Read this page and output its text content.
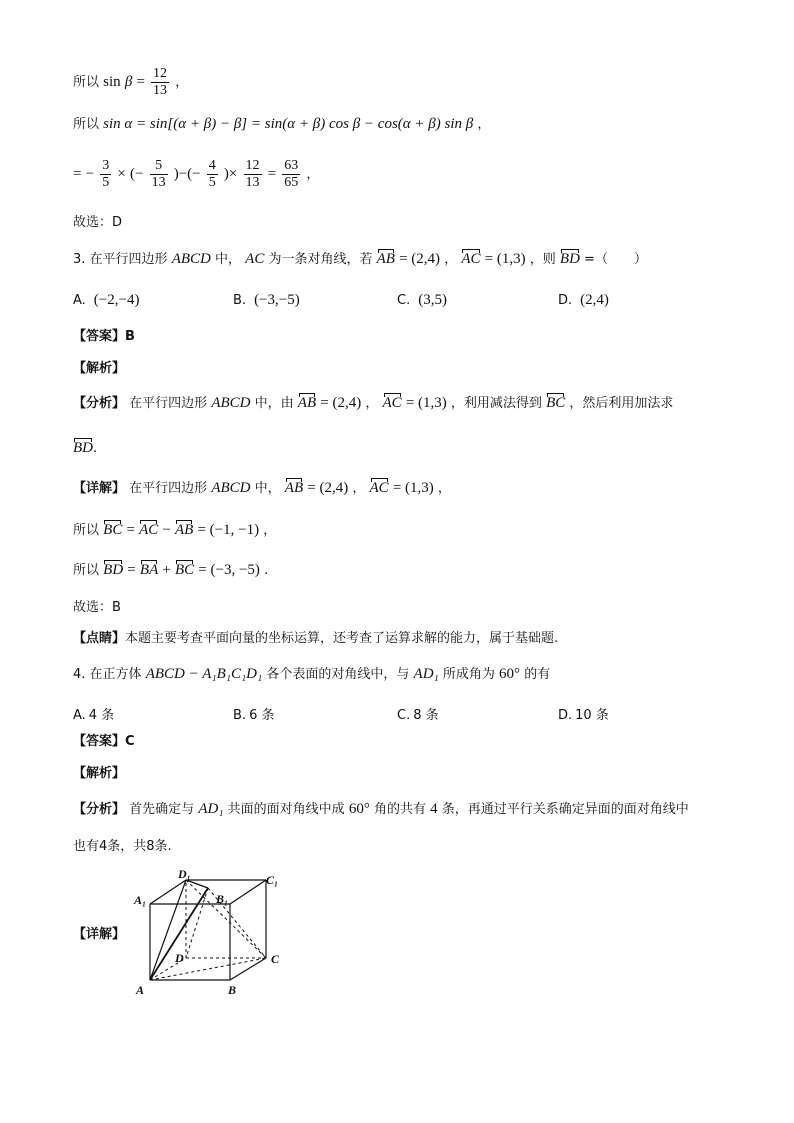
所以 $\sin \beta = \frac{12}{13}$ ，
所以 sin α = sin[(α + β) − β] = sin(α + β) cos β − cos(α + β) sin β ，
= − $\frac{3}{5}$ × (− $\frac{5}{13}$ )−(− $\frac{4}{5}$ )× $\frac{12}{13} = \frac{63}{65}$ ，
故选：D
3. 在平行四边形 ABCD 中， AC 为一条对角线，若 AB = (2,4) ， AC = (1,3) ，则 BD =（　　）
A. (−2,−4)	B. (−3,−5)	C. (3,5)	D. (2,4)
【答案】B
【解析】
【分析】 在平行四边形 ABCD 中，由 AB = (2,4) ， AC = (1,3) ，利用减法得到 BC ，然后利用加法求
BD.
【详解】 在平行四边形 ABCD 中， AB = (2,4) ， AC = (1,3) ，
所以 BC = AC − AB = (−1, −1) ，
所以 BD = BA + BC = (−3, −5) .
故选：B
【点睛】本题主要考查平面向量的坐标运算，还考查了运算求解的能力，属于基础题.
4. 在正方体 ABCD − A₁B₁C₁D₁ 各个表面的对角线中，与 AD₁ 所成角为 60° 的有
A. 4 条	B. 6 条	C. 8 条	D. 10 条
【答案】C
【解析】
【分析】 首先确定与 AD₁ 共面的面对角线中成 60° 角的共有 4 条，再通过平行关系确定异面的面对角线中
也有4条，共8条.
【详解】
A	B
C
D
A₁	B₁
C₁
D₁
